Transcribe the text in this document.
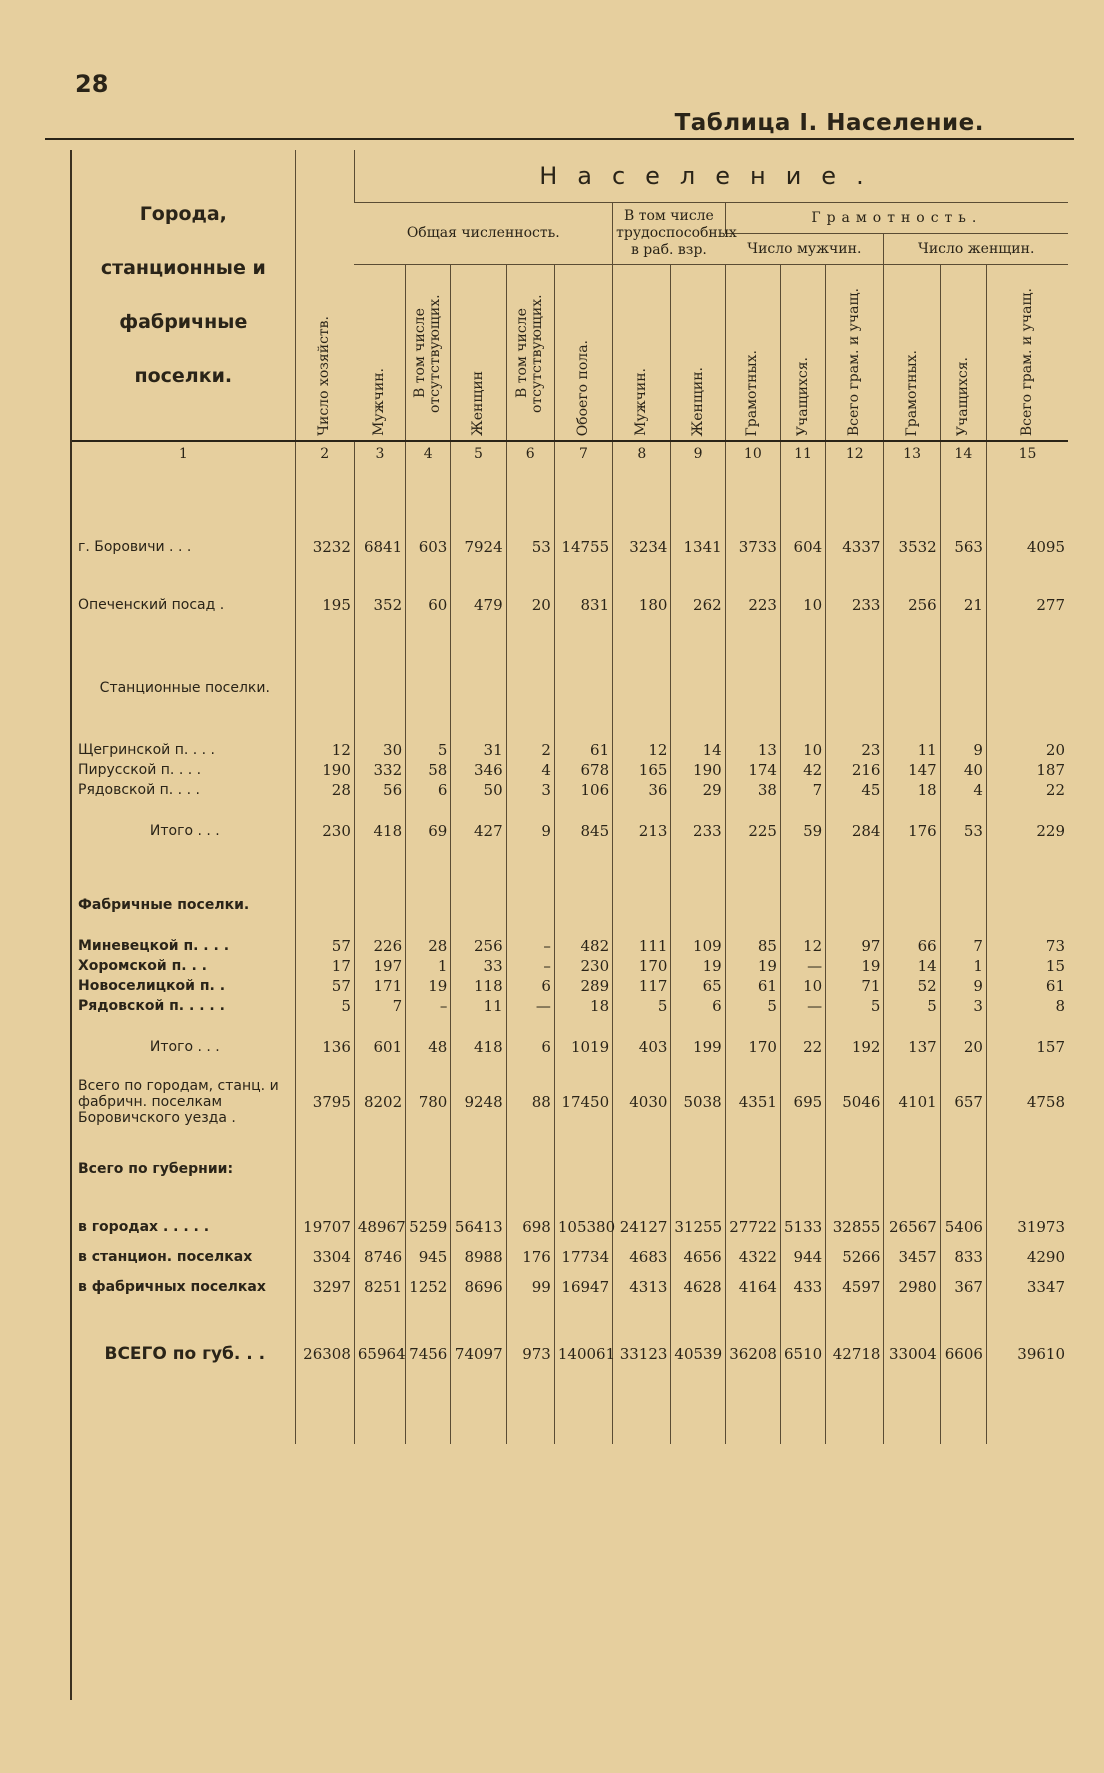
28
Таблица I. Население.
Города, станционные и фабричные поселки.	Число хозяйств.	Население.												
		Общая численность.					В том числе трудоспособных в раб. взр.		Грамотность.					
									Число мужчин.			Число женщин.		
		Мужчин.	В том числе отсутствующих.	Женщин	В том числе отсутствующих.	Обоего пола.	Мужчин.	Женщин.	Грамотных.	Учащихся.	Всего грам. и учащ.	Грамотных.	Учащихся.	Всего грам. и учащ.
1	2	3	4	5	6	7	8	9	10	11	12	13	14	15

г. Боровичи . . .	3232	6841	603	7924	53	14755	3234	1341	3733	604	4337	3532	563	4095

Опеченский посад .	195	352	60	479	20	831	180	262	223	10	233	256	21	277

Станционные поселки.														

Щегринской п. . . .	12	30	5	31	2	61	12	14	13	10	23	11	9	20
Пирусской п. . . .	190	332	58	346	4	678	165	190	174	42	216	147	40	187
Рядовской п. . . .	28	56	6	50	3	106	36	29	38	7	45	18	4	22

Итого . . .	230	418	69	427	9	845	213	233	225	59	284	176	53	229

Фабричные поселки.														

Миневецкой п. . . .	57	226	28	256	–	482	111	109	85	12	97	66	7	73
Хоромской п. . .	17	197	1	33	–	230	170	19	19	—	19	14	1	15
Новоселицкой п. .	57	171	19	118	6	289	117	65	61	10	71	52	9	61
Рядовской п. . . . .	5	7	–	11	—	18	5	6	5	—	5	5	3	8

Итого . . .	136	601	48	418	6	1019	403	199	170	22	192	137	20	157

Всего по городам, станц. и фабричн. поселкам Боровичского уезда .	3795	8202	780	9248	88	17450	4030	5038	4351	695	5046	4101	657	4758

Всего по губернии:														

в городах . . . . .	19707	48967	5259	56413	698	105380	24127	31255	27722	5133	32855	26567	5406	31973
в станцион. поселках	3304	8746	945	8988	176	17734	4683	4656	4322	944	5266	3457	833	4290
в фабричных поселках	3297	8251	1252	8696	99	16947	4313	4628	4164	433	4597	2980	367	3347

ВСЕГО по губ. . .	26308	65964	7456	74097	973	140061	33123	40539	36208	6510	42718	33004	6606	39610
